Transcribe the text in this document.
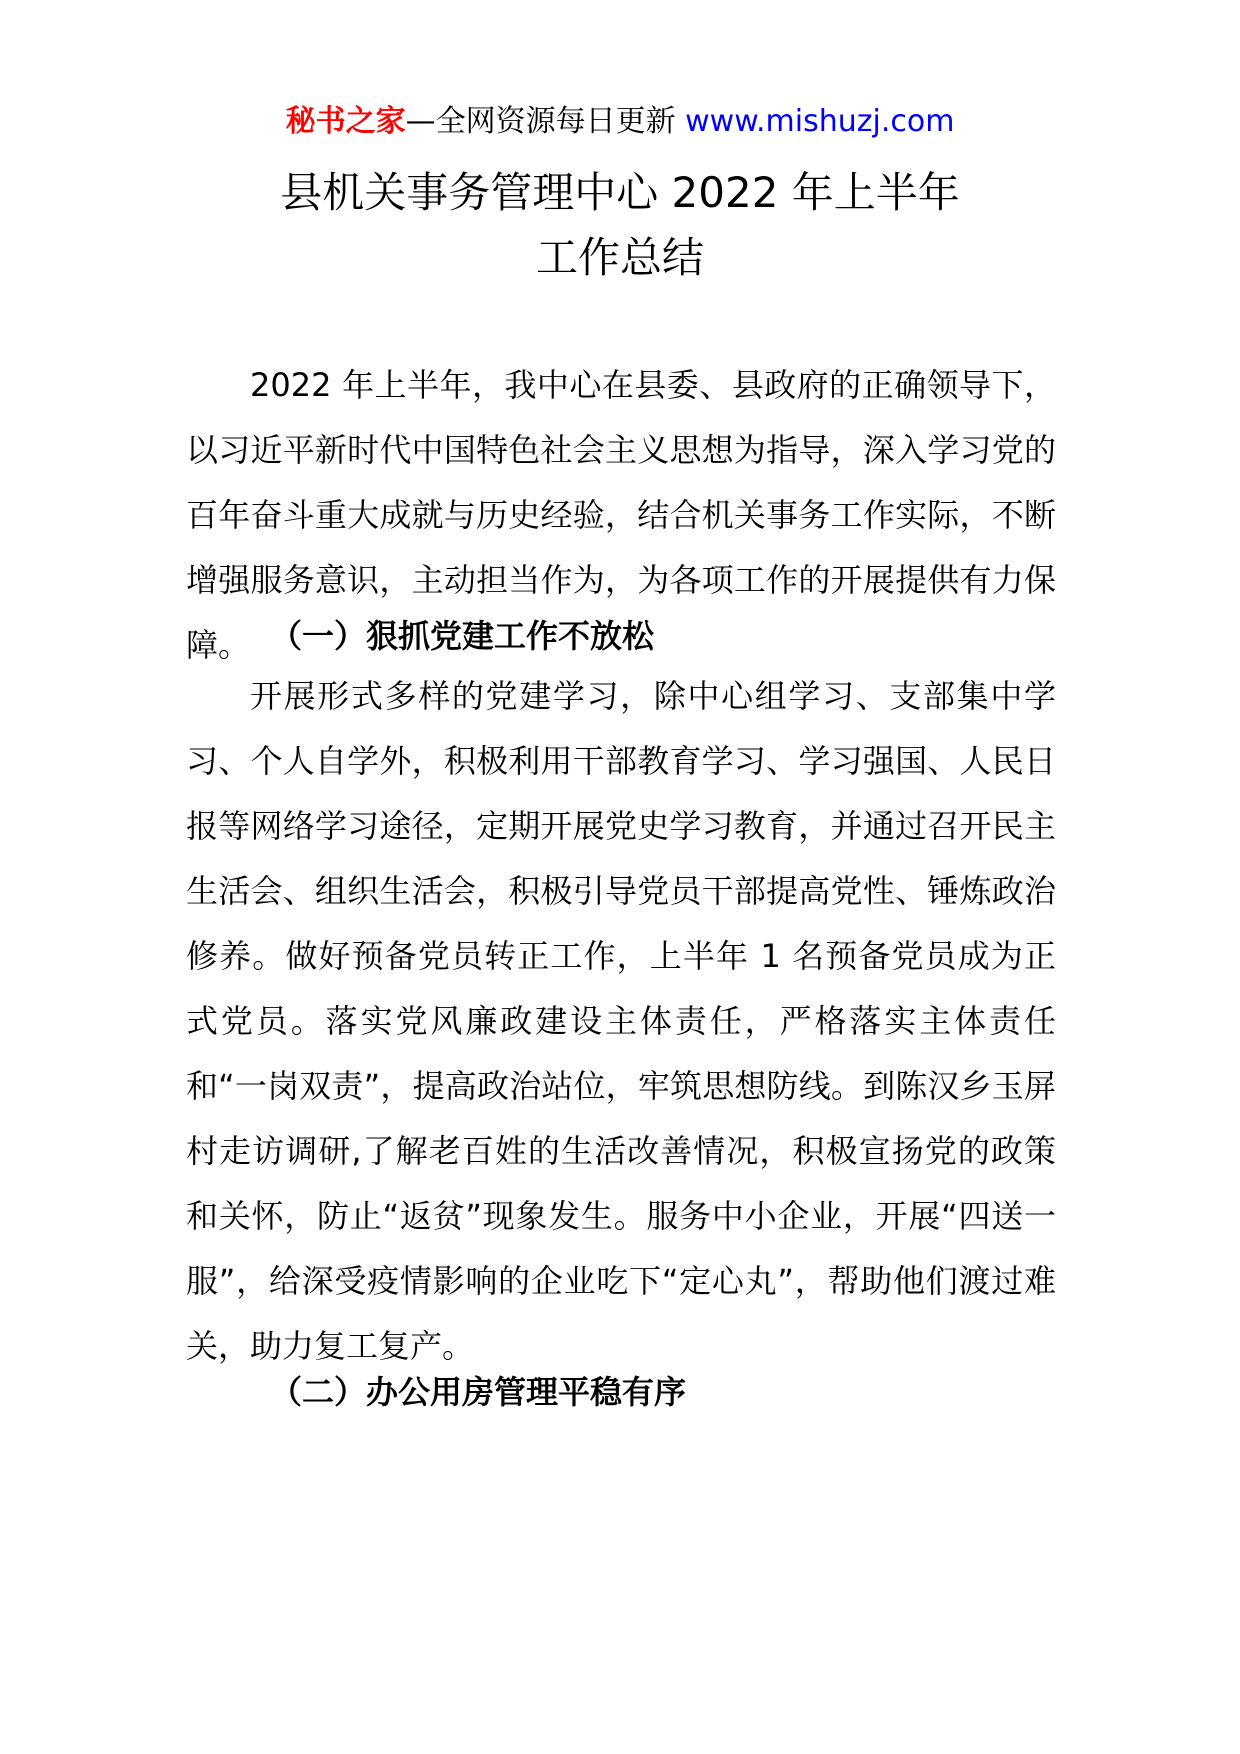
秘书之家—全网资源每日更新 www.mishuzj.com
县机关事务管理中心 2022 年上半年
工作总结
2022 年上半年，我中心在县委、县政府的正确领导下，以习近平新时代中国特色社会主义思想为指导，深入学习党的百年奋斗重大成就与历史经验，结合机关事务工作实际，不断增强服务意识，主动担当作为，为各项工作的开展提供有力保障。 （一）狠抓党建工作不放松
开展形式多样的党建学习，除中心组学习、支部集中学习、个人自学外，积极利用干部教育学习、学习强国、人民日报等网络学习途径，定期开展党史学习教育，并通过召开民主生活会、组织生活会，积极引导党员干部提高党性、锤炼政治修养。做好预备党员转正工作，上半年 1 名预备党员成为正式党员。落实党风廉政建设主体责任，严格落实主体责任和“一岗双责”，提高政治站位，牢筑思想防线。到陈汉乡玉屏村走访调研,了解老百姓的生活改善情况，积极宣扬党的政策和关怀，防止“返贫”现象发生。服务中小企业，开展“四送一服”，给深受疫情影响的企业吃下“定心丸”，帮助他们渡过难关，助力复工复产。
（二）办公用房管理平稳有序
